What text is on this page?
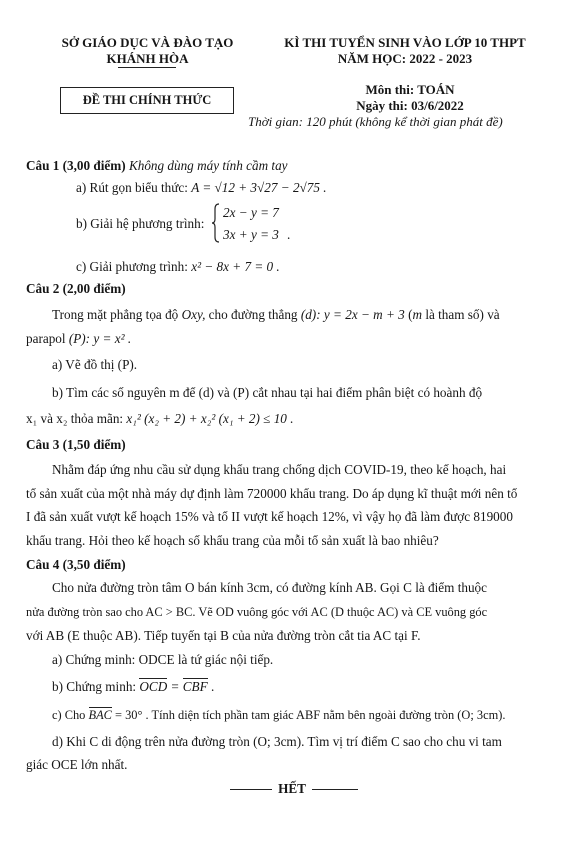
SỞ GIÁO DỤC VÀ ĐÀO TẠO
KHÁNH HÒA
KÌ THI TUYỂN SINH VÀO LỚP 10 THPT
NĂM HỌC: 2022 - 2023
ĐỀ THI CHÍNH THỨC
Môn thi: TOÁN
Ngày thi: 03/6/2022
Thời gian: 120 phút (không kể thời gian phát đề)
Câu 1 (3,00 điểm) Không dùng máy tính cầm tay
a) Rút gọn biểu thức: A = √12 + 3√27 − 2√75 .
b) Giải hệ phương trình:
2x − y = 7
3x + y = 3 .
c) Giải phương trình: x² − 8x + 7 = 0 .
Câu 2 (2,00 điểm)
Trong mặt phẳng tọa độ Oxy, cho đường thẳng (d): y = 2x − m + 3 (m là tham số) và
parapol (P): y = x² .
a) Vẽ đồ thị (P).
b) Tìm các số nguyên m để (d) và (P) cắt nhau tại hai điểm phân biệt có hoành độ
x₁ và x₂ thỏa mãn: x₁² (x₂ + 2) + x₂² (x₁ + 2) ≤ 10 .
Câu 3 (1,50 điểm)
Nhằm đáp ứng nhu cầu sử dụng khẩu trang chống dịch COVID-19, theo kế hoạch, hai
tổ sản xuất của một nhà máy dự định làm 720000 khẩu trang. Do áp dụng kĩ thuật mới nên tổ
I đã sản xuất vượt kế hoạch 15% và tổ II vượt kế hoạch 12%, vì vậy họ đã làm được 819000
khẩu trang. Hỏi theo kế hoạch số khẩu trang của mỗi tổ sản xuất là bao nhiêu?
Câu 4 (3,50 điểm)
Cho nửa đường tròn tâm O bán kính 3cm, có đường kính AB. Gọi C là điểm thuộc
nửa đường tròn sao cho AC > BC. Vẽ OD vuông góc với AC (D thuộc AC) và CE vuông góc
với AB (E thuộc AB). Tiếp tuyến tại B của nửa đường tròn cắt tia AC tại F.
a) Chứng minh: ODCE là tứ giác nội tiếp.
b) Chứng minh: OCD = CBF .
c) Cho BAC = 30° . Tính diện tích phần tam giác ABF nằm bên ngoài đường tròn (O; 3cm).
d) Khi C di động trên nửa đường tròn (O; 3cm). Tìm vị trí điểm C sao cho chu vi tam
giác OCE lớn nhất.
HẾT
